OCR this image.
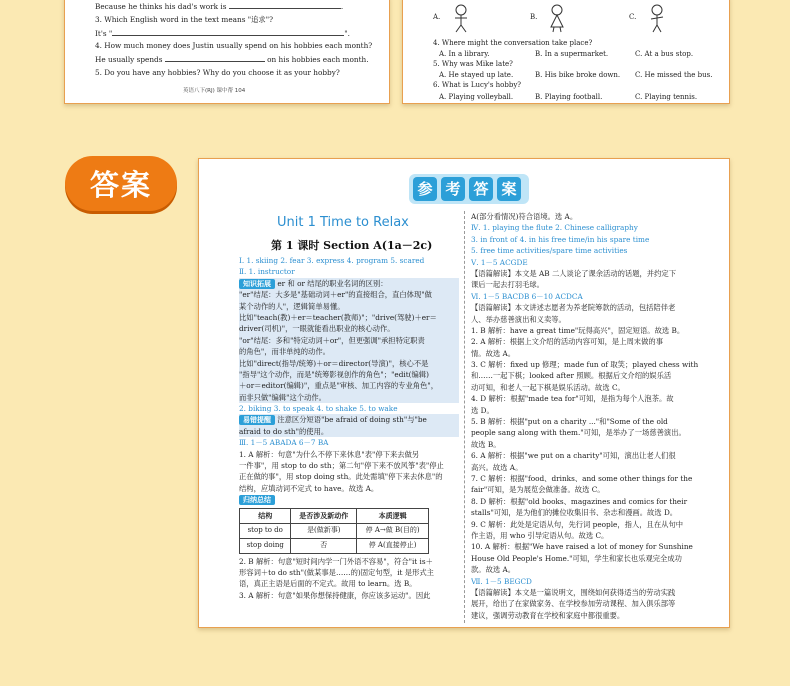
Because he thinks his dad's work is	.
3. Which English word in the text means "追求"?
It's "	".
4. How much money does Justin usually spend on his hobbies each month?
He usually spends	on his hobbies each month.
5. Do you have any hobbies? Why do you choose it as your hobby?
英语八下(RJ) 课中帮 104
A.	B.	C.
4. Where might the conversation take place?
A. In a library.	B. In a supermarket.	C. At a bus stop.
5. Why was Mike late?
A. He stayed up late.	B. His bike broke down. C. He missed the bus.
6. What is Lucy's hobby?
A. Playing volleyball.	B. Playing football.	C. Playing tennis.
答案	参 考 答 案
Unit 1 Time to Relax
第 1 课时 Section A(1a－2c)
Ⅰ. 1. skiing 2. fear 3. express 4. program 5. scared
Ⅱ. 1. instructor
知识拓展 er 和 or 结尾的职业名词的区别：
"er"结尾：大多是"基础动词＋er"的直接组合，直白体现"做
某个动作的人"，逻辑简单易懂。
比如"teach(教)＋er＝teacher(教师)"；"drive(驾驶)＋er＝
driver(司机)"，一眼就能看出职业的核心动作。
"or"结尾：多和"特定动词＋or"，但更强调"承担特定职责
的角色"，而非单纯的动作。
比如"direct(指导/统筹)＋or＝director(导演)"，核心不是
"指导"这个动作，而是"统筹影视创作的角色"；"edit(编辑)
＋or＝editor(编辑)"，重点是"审核、加工内容的专业角色"，
而非只做"编辑"这个动作。
2. biking 3. to speak 4. to shake 5. to wake
易错提醒 注意区分短语"be afraid of doing sth"与"be
afraid to do sth"的使用。
Ⅲ. 1－5 ABADA 6－7 BA
1. A 解析：句意"为什么不停下来休息"表"停下来去做另
一件事"，用 stop to do sth；第二句"停下来不放风筝"表"停止
正在做的事"，用 stop doing sth。此处需填"停下来去休息"的
结构，应填动词不定式 to have。故选 A。
归纳总结
结构	是否涉及新动作	本质逻辑
stop to do	是(做新事)	停 A→做 B(目的)
stop doing	否	停 A(直接停止)
2. B 解析：句意"短时间内学一门外语不容易"，符合"it is＋
形容词＋to do sth"(做某事是……的)固定句型，it 是形式主
语，真正主语是后面的不定式。故用 to learn。选 B。
3. A 解析：句意"如果你想保持健康，你应该多运动"。因此
A(部分看情况)符合语境。选 A。
Ⅳ. 1. playing the flute 2. Chinese calligraphy
3. in front of 4. in his free time/in his spare time
5. free time activities/spare time activities
Ⅴ. 1－5 ACGDE
【语篇解读】本文是 AB 二人谈论了课余活动的话题，并约定下
课后一起去打羽毛球。
Ⅵ. 1－5 BACDB 6－10 ACDCA
【语篇解读】本文讲述志愿者为养老院筹款的活动，包括陪伴老
人、举办慈善演出和义卖等。
1. B 解析：have a great time"玩得高兴"，固定短语。故选 B。
2. A 解析：根据上文介绍的活动内容可知，是上周末做的事
情。故选 A。
3. C 解析：fixed up 修理；made fun of 取笑；played chess with
和……一起下棋；looked after 照顾。根据后文介绍的娱乐活
动可知，和老人一起下棋是娱乐活动。故选 C。
4. D 解析：根据"made tea for"可知，是指为每个人泡茶。故
选 D。
5. B 解析：根据"put on a charity ..."和"Some of the old
people sang along with them."可知，是举办了一场慈善演出。
故选 B。
6. A 解析：根据"we put on a charity"可知，演出让老人们很
高兴。故选 A。
7. C 解析：根据"food、drinks、and some other things for the
fair"可知，是为展览会做准备。故选 C。
8. D 解析：根据"old books、magazines and comics for their
stalls"可知，是为他们的摊位收集旧书、杂志和漫画。故选 D。
9. C 解析：此处是定语从句，先行词 people，指人，且在从句中
作主语，用 who 引导定语从句。故选 C。
10. A 解析：根据"We have raised a lot of money for Sunshine
House Old People's Home."可知，学生和家长也乐观完全成功
款。故选 A。
Ⅶ. 1－5 BEGCD
【语篇解读】本文是一篇说明文，围绕如何获得适当的劳动实践
展开，给出了在家做家务、在学校参加劳动课程、加入俱乐部等
建议，强调劳动教育在学校和家庭中都很重要。
